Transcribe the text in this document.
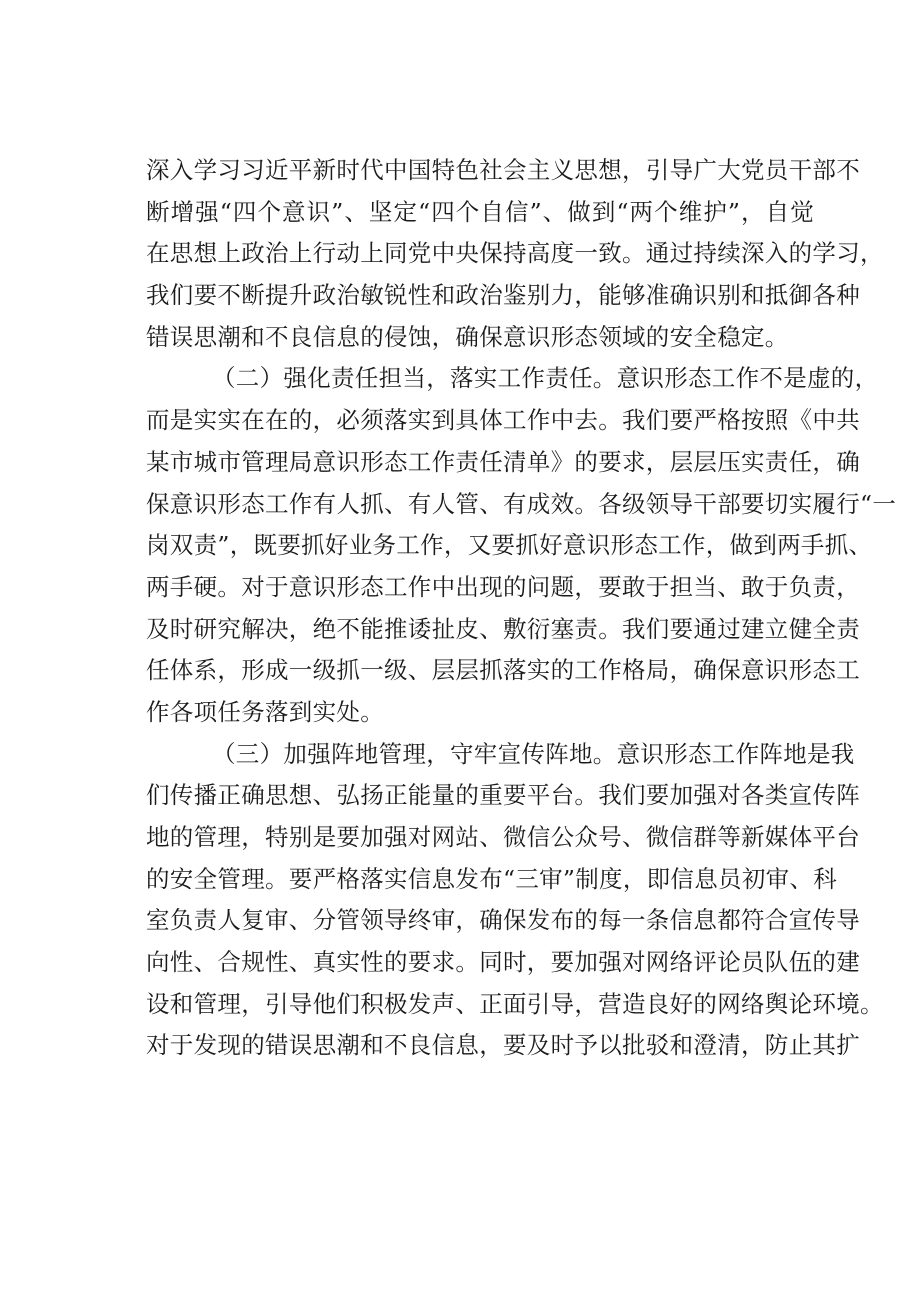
深入学习习近平新时代中国特色社会主义思想，引导广大党员干部不
断增强“四个意识”、坚定“四个自信”、做到“两个维护”，自觉
在思想上政治上行动上同党中央保持高度一致。通过持续深入的学习，
我们要不断提升政治敏锐性和政治鉴别力，能够准确识别和抵御各种
错误思潮和不良信息的侵蚀，确保意识形态领域的安全稳定。
（二）强化责任担当，落实工作责任。意识形态工作不是虚的，
而是实实在在的，必须落实到具体工作中去。我们要严格按照《中共
某市城市管理局意识形态工作责任清单》的要求，层层压实责任，确
保意识形态工作有人抓、有人管、有成效。各级领导干部要切实履行“一
岗双责”，既要抓好业务工作，又要抓好意识形态工作，做到两手抓、
两手硬。对于意识形态工作中出现的问题，要敢于担当、敢于负责，
及时研究解决，绝不能推诿扯皮、敷衍塞责。我们要通过建立健全责
任体系，形成一级抓一级、层层抓落实的工作格局，确保意识形态工
作各项任务落到实处。
（三）加强阵地管理，守牢宣传阵地。意识形态工作阵地是我
们传播正确思想、弘扬正能量的重要平台。我们要加强对各类宣传阵
地的管理，特别是要加强对网站、微信公众号、微信群等新媒体平台
的安全管理。要严格落实信息发布“三审”制度，即信息员初审、科
室负责人复审、分管领导终审，确保发布的每一条信息都符合宣传导
向性、合规性、真实性的要求。同时，要加强对网络评论员队伍的建
设和管理，引导他们积极发声、正面引导，营造良好的网络舆论环境。
对于发现的错误思潮和不良信息，要及时予以批驳和澄清，防止其扩
